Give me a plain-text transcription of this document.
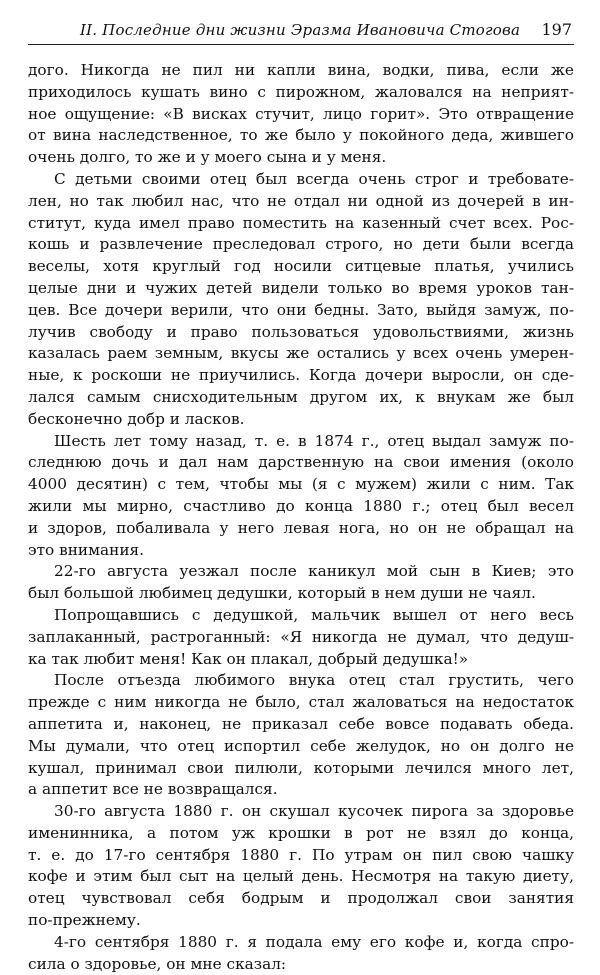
II. Последние дни жизни Эразма Ивановича Стогова 197
дого. Никогда не пил ни капли вина, водки, пива, если же
приходилось кушать вино с пирожном, жаловался на неприят-
ное ощущение: «В висках стучит, лицо горит». Это отвращение
от вина наследственное, то же было у покойного деда, жившего
очень долго, то же и у моего сына и у меня.
С детьми своими отец был всегда очень строг и требовате-
лен, но так любил нас, что не отдал ни одной из дочерей в ин-
ститут, куда имел право поместить на казенный счет всех. Рос-
кошь и развлечение преследовал строго, но дети были всегда
веселы, хотя круглый год носили ситцевые платья, учились
целые дни и чужих детей видели только во время уроков тан-
цев. Все дочери верили, что они бедны. Зато, выйдя замуж, по-
лучив свободу и право пользоваться удовольствиями, жизнь
казалась раем земным, вкусы же остались у всех очень умерен-
ные, к роскоши не приучились. Когда дочери выросли, он сде-
лался самым снисходительным другом их, к внукам же был
бесконечно добр и ласков.
Шесть лет тому назад, т. е. в 1874 г., отец выдал замуж по-
следнюю дочь и дал нам дарственную на свои имения (около
4000 десятин) с тем, чтобы мы (я с мужем) жили с ним. Так
жили мы мирно, счастливо до конца 1880 г.; отец был весел
и здоров, побаливала у него левая нога, но он не обращал на
это внимания.
22-го августа уезжал после каникул мой сын в Киев; это
был большой любимец дедушки, который в нем души не чаял.
Попрощавшись с дедушкой, мальчик вышел от него весь
заплаканный, растроганный: «Я никогда не думал, что дедуш-
ка так любит меня! Как он плакал, добрый дедушка!»
После отъезда любимого внука отец стал грустить, чего
прежде с ним никогда не было, стал жаловаться на недостаток
аппетита и, наконец, не приказал себе вовсе подавать обеда.
Мы думали, что отец испортил себе желудок, но он долго не
кушал, принимал свои пилюли, которыми лечился много лет,
а аппетит все не возвращался.
30-го августа 1880 г. он скушал кусочек пирога за здоровье
именинника, а потом уж крошки в рот не взял до конца,
т. е. до 17-го сентября 1880 г. По утрам он пил свою чашку
кофе и этим был сыт на целый день. Несмотря на такую диету,
отец чувствовал себя бодрым и продолжал свои занятия
по-прежнему.
4-го сентября 1880 г. я подала ему его кофе и, когда спро-
сила о здоровье, он мне сказал:
